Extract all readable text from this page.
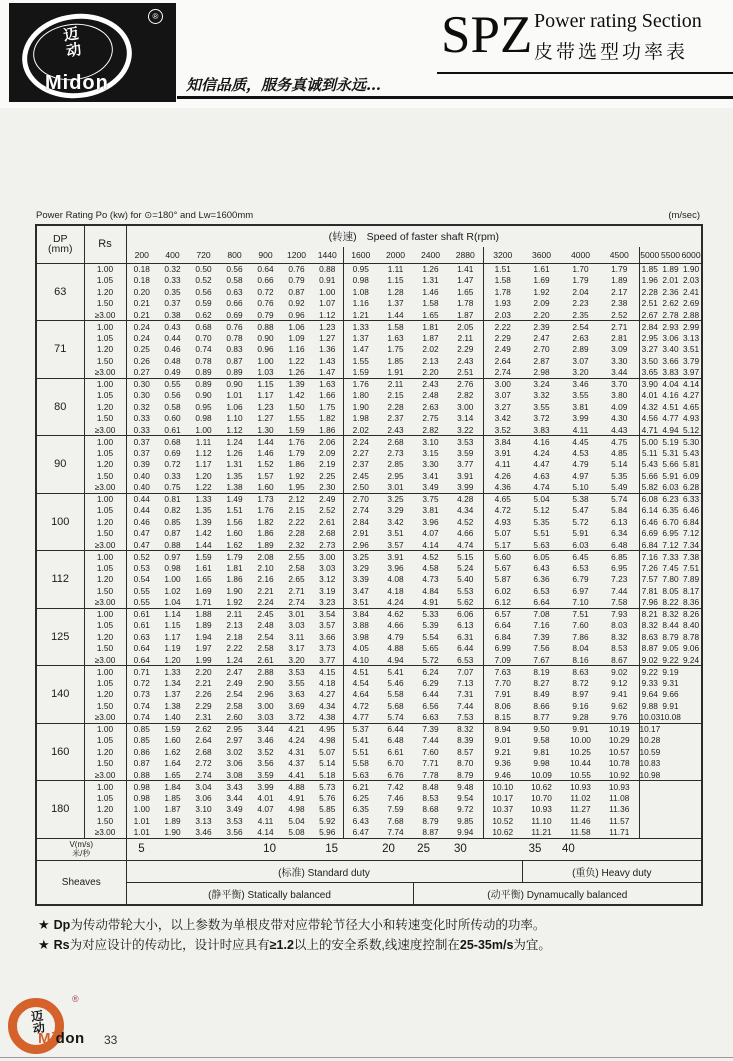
®
迈动
Midon
SPZ Power rating Section
皮带选型功率表
知信品质，服务真诚到永远…
Power Rating Po (kw) for ⊙=180° and Lw=1600mm	(m/sec)
DP
(mm)	Rs	(转速) Speed of faster shaft R(rpm)																	
		200	400	720	800	900	1200	1440	1600	2000	2400	2880	3200	3600	4000	4500	5000	5500	6000
63	1.00	0.18	0.32	0.50	0.56	0.64	0.76	0.88	0.95	1.11	1.26	1.41	1.51	1.61	1.70	1.79	1.85	1.89	1.90
	1.05	0.18	0.33	0.52	0.58	0.66	0.79	0.91	0.98	1.15	1.31	1.47	1.58	1.69	1.79	1.89	1.96	2.01	2.03
	1.20	0.20	0.35	0.56	0.63	0.72	0.87	1.00	1.08	1.28	1.46	1.65	1.78	1.92	2.04	2.17	2.28	2.36	2.41
	1.50	0.21	0.37	0.59	0.66	0.76	0.92	1.07	1.16	1.37	1.58	1.78	1.93	2.09	2.23	2.38	2.51	2.62	2.69
	≥3.00	0.21	0.38	0.62	0.69	0.79	0.96	1.12	1.21	1.44	1.65	1.87	2.03	2.20	2.35	2.52	2.67	2.78	2.88
71	1.00	0.24	0.43	0.68	0.76	0.88	1.06	1.23	1.33	1.58	1.81	2.05	2.22	2.39	2.54	2.71	2.84	2.93	2.99
	1.05	0.24	0.44	0.70	0.78	0.90	1.09	1.27	1.37	1.63	1.87	2.11	2.29	2.47	2.63	2.81	2.95	3.06	3.13
	1.20	0.25	0.46	0.74	0.83	0.96	1.16	1.36	1.47	1.75	2.02	2.29	2.49	2.70	2.89	3.09	3.27	3.40	3.51
	1.50	0.26	0.48	0.78	0.87	1.00	1.22	1.43	1.55	1.85	2.13	2.43	2.64	2.87	3.07	3.30	3.50	3.66	3.79
	≥3.00	0.27	0.49	0.89	0.89	1.03	1.26	1.47	1.59	1.91	2.20	2.51	2.74	2.98	3.20	3.44	3.65	3.83	3.97
80	1.00	0.30	0.55	0.89	0.90	1.15	1.39	1.63	1.76	2.11	2.43	2.76	3.00	3.24	3.46	3.70	3.90	4.04	4.14
	1.05	0.30	0.56	0.90	1.01	1.17	1.42	1.66	1.80	2.15	2.48	2.82	3.07	3.32	3.55	3.80	4.01	4.16	4.27
	1.20	0.32	0.58	0.95	1.06	1.23	1.50	1.75	1.90	2.28	2.63	3.00	3.27	3.55	3.81	4.09	4.32	4.51	4.65
	1.50	0.33	0.60	0.98	1.10	1.27	1.55	1.82	1.98	2.37	2.75	3.14	3.42	3.72	3.99	4.30	4.56	4.77	4.93
	≥3.00	0.33	0.61	1.00	1.12	1.30	1.59	1.86	2.02	2.43	2.82	3.22	3.52	3.83	4.11	4.43	4.71	4.94	5.12
90	1.00	0.37	0.68	1.11	1.24	1.44	1.76	2.06	2.24	2.68	3.10	3.53	3.84	4.16	4.45	4.75	5.00	5.19	5.30
	1.05	0.37	0.69	1.12	1.26	1.46	1.79	2.09	2.27	2.73	3.15	3.59	3.91	4.24	4.53	4.85	5.11	5.31	5.43
	1.20	0.39	0.72	1.17	1.31	1.52	1.86	2.19	2.37	2.85	3.30	3.77	4.11	4.47	4.79	5.14	5.43	5.66	5.81
	1.50	0.40	0.33	1.20	1.35	1.57	1.92	2.25	2.45	2.95	3.41	3.91	4.26	4.63	4.97	5.35	5.66	5.91	6.09
	≥3.00	0.40	0.75	1.22	1.38	1.60	1.95	2.30	2.50	3.01	3.49	3.99	4.36	4.74	5.10	5.49	5.82	6.03	6.28
100	1.00	0.44	0.81	1.33	1.49	1.73	2.12	2.49	2.70	3.25	3.75	4.28	4.65	5.04	5.38	5.74	6.08	6.23	6.33
	1.05	0.44	0.82	1.35	1.51	1.76	2.15	2.52	2.74	3.29	3.81	4.34	4.72	5.12	5.47	5.84	6.14	6.35	6.46
	1.20	0.46	0.85	1.39	1.56	1.82	2.22	2.61	2.84	3.42	3.96	4.52	4.93	5.35	5.72	6.13	6.46	6.70	6.84
	1.50	0.47	0.87	1.42	1.60	1.86	2.28	2.68	2.91	3.51	4.07	4.66	5.07	5.51	5.91	6.34	6.69	6.95	7.12
	≥3.00	0.47	0.88	1.44	1.62	1.89	2.32	2.73	2.96	3.57	4.14	4.74	5.17	5.63	6.03	6.48	6.84	7.12	7.34
112	1.00	0.52	0.97	1.59	1.79	2.08	2.55	3.00	3.25	3.91	4.52	5.15	5.60	6.05	6.45	6.85	7.16	7.33	7.38
	1.05	0.53	0.98	1.61	1.81	2.10	2.58	3.03	3.29	3.96	4.58	5.24	5.67	6.43	6.53	6.95	7.26	7.45	7.51
	1.20	0.54	1.00	1.65	1.86	2.16	2.65	3.12	3.39	4.08	4.73	5.40	5.87	6.36	6.79	7.23	7.57	7.80	7.89
	1.50	0.55	1.02	1.69	1.90	2.21	2.71	3.19	3.47	4.18	4.84	5.53	6.02	6.53	6.97	7.44	7.81	8.05	8.17
	≥3.00	0.55	1.04	1.71	1.92	2.24	2.74	3.23	3.51	4.24	4.91	5.62	6.12	6.64	7.10	7.58	7.96	8.22	8.36
125	1.00	0.61	1.14	1.88	2.11	2.45	3.01	3.54	3.84	4.62	5.33	6.06	6.57	7.08	7.51	7.93	8.21	8.32	8.26
	1.05	0.61	1.15	1.89	2.13	2.48	3.03	3.57	3.88	4.66	5.39	6.13	6.64	7.16	7.60	8.03	8.32	8.44	8.40
	1.20	0.63	1.17	1.94	2.18	2.54	3.11	3.66	3.98	4.79	5.54	6.31	6.84	7.39	7.86	8.32	8.63	8.79	8.78
	1.50	0.64	1.19	1.97	2.22	2.58	3.17	3.73	4.05	4.88	5.65	6.44	6.99	7.56	8.04	8.53	8.87	9.05	9.06
	≥3.00	0.64	1.20	1.99	1.24	2.61	3.20	3.77	4.10	4.94	5.72	6.53	7.09	7.67	8.16	8.67	9.02	9.22	9.24
140	1.00	0.71	1.33	2.20	2.47	2.88	3.53	4.15	4.51	5.41	6.24	7.07	7.63	8.19	8.63	9.02	9.22	9.19	
	1.05	0.72	1.34	2.21	2.49	2.90	3.55	4.18	4.54	5.46	6.29	7.13	7.70	8.27	8.72	9.12	9.33	9.31	
	1.20	0.73	1.37	2.26	2.54	2.96	3.63	4.27	4.64	5.58	6.44	7.31	7.91	8.49	8.97	9.41	9.64	9.66	
	1.50	0.74	1.38	2.29	2.58	3.00	3.69	4.34	4.72	5.68	6.56	7.44	8.06	8.66	9.16	9.62	9.88	9.91	
	≥3.00	0.74	1.40	2.31	2.60	3.03	3.72	4.38	4.77	5.74	6.63	7.53	8.15	8.77	9.28	9.76	10.03	10.08	
160	1.00	0.85	1.59	2.62	2.95	3.44	4.21	4.95	5.37	6.44	7.39	8.32	8.94	9.50	9.91	10.19	10.17		
	1.05	0.85	1.60	2.64	2.97	3.46	4.24	4.98	5.41	6.48	7.44	8.39	9.01	9.58	10.00	10.29	10.28		
	1.20	0.86	1.62	2.68	3.02	3.52	4.31	5.07	5.51	6.61	7.60	8.57	9.21	9.81	10.25	10.57	10.59		
	1.50	0.87	1.64	2.72	3.06	3.56	4.37	5.14	5.58	6.70	7.71	8.70	9.36	9.98	10.44	10.78	10.83		
	≥3.00	0.88	1.65	2.74	3.08	3.59	4.41	5.18	5.63	6.76	7.78	8.79	9.46	10.09	10.55	10.92	10.98		
180	1.00	0.98	1.84	3.04	3.43	3.99	4.88	5.73	6.21	7.42	8.48	9.48	10.10	10.62	10.93	10.93			
	1.05	0.98	1.85	3.06	3.44	4.01	4.91	5.76	6.25	7.46	8.53	9.54	10.17	10.70	11.02	11.08			
	1.20	1.00	1.87	3.10	3.49	4.07	4.98	5.85	6.35	7.59	8.68	9.72	10.37	10.93	11.27	11.36			
	1.50	1.01	1.89	3.13	3.53	4.11	5.04	5.92	6.43	7.68	8.79	9.85	10.52	11.10	11.46	11.57			
	≥3.00	1.01	1.90	3.46	3.56	4.14	5.08	5.96	6.47	7.74	8.87	9.94	10.62	11.21	11.58	11.71			

V(m/s)
米/秒	5	10	15	20 25 30	35 40

Sheaves		(标准) Standard duty												(重负) Heavy duty					
		(静平衡) Statically balanced									(动平衡) Dynamucally balanced								
★ Dp为传动带轮大小，以上参数为单根皮带对应带轮节径大小和转速变化时所传动的功率。
★ Rs为对应设计的传动比，设计时应具有≥1.2以上的安全系数,线速度控制在25-35m/s为宜。
®
迈动
Midon 33
